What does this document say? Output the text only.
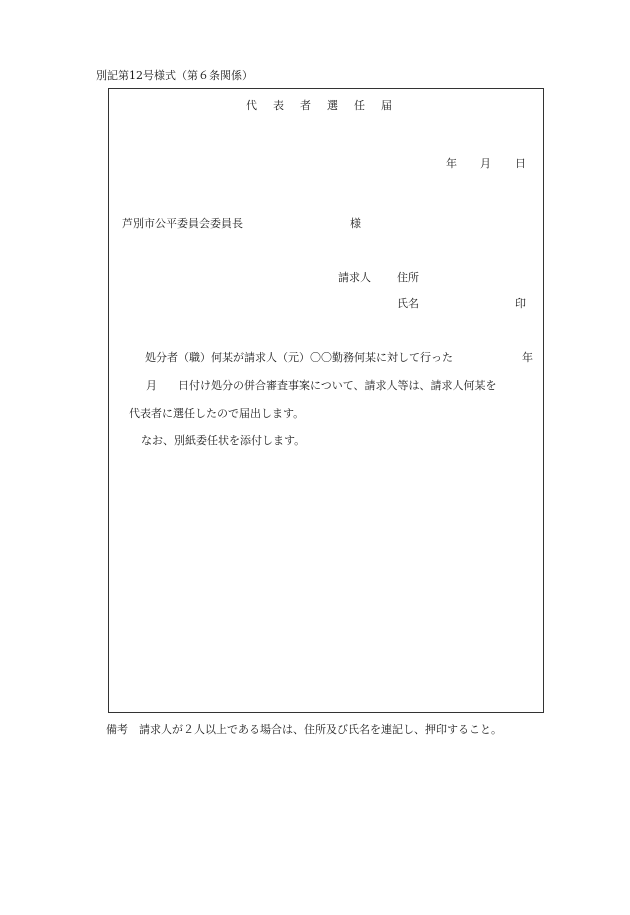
別記第12号様式（第６条関係）
代表者選任届
年 月 日
芦別市公平委員会委員長	様
請求人 住所
氏名	印
処分者（職）何某が請求人（元）〇〇勤務何某に対して行った	年
月 日付け処分の併合審査事案について、請求人等は、請求人何某を
代表者に選任したので届出します。
なお、別紙委任状を添付します。
備考　請求人が２人以上である場合は、住所及び氏名を連記し、押印すること。
